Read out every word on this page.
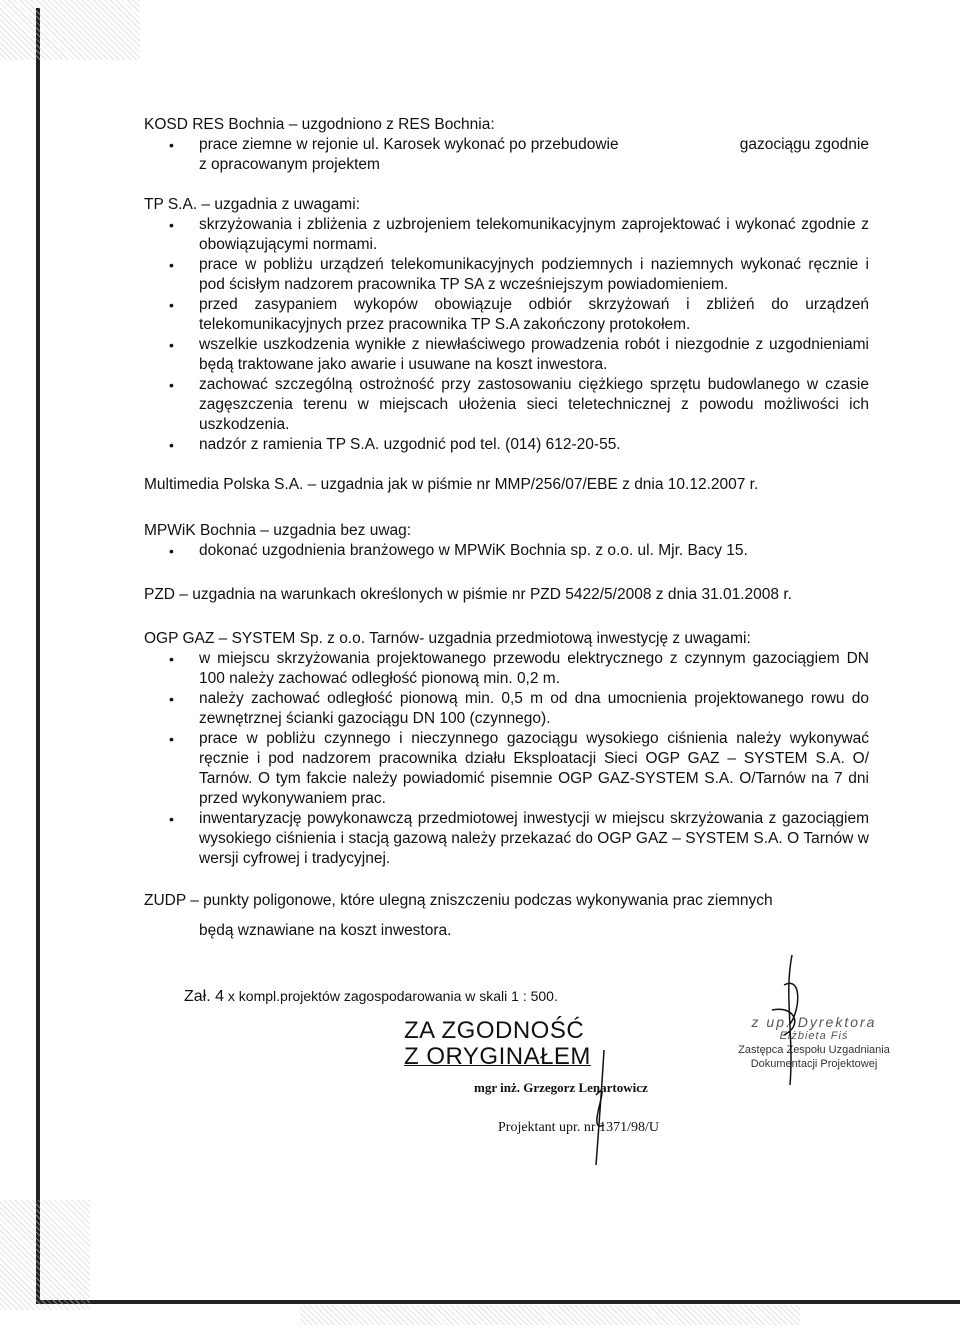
KOSD RES Bochnia – uzgodniono z RES Bochnia:

• prace ziemne w rejonie ul. Karosek wykonać po przebudowie	gazociągu zgodnie

z opracowanym projektem

TP S.A. – uzgadnia z uwagami:

• skrzyżowania i zbliżenia z uzbrojeniem telekomunikacyjnym zaprojektować i wykonać zgodnie z obowiązującymi normami.
• prace w pobliżu urządzeń telekomunikacyjnych podziemnych i naziemnych wykonać ręcznie i pod ścisłym nadzorem pracownika TP SA z wcześniejszym powiadomieniem.
• przed zasypaniem wykopów obowiązuje odbiór skrzyżowań i zbliżeń do urządzeń telekomunikacyjnych przez pracownika TP S.A zakończony protokołem.
• wszelkie uszkodzenia wynikłe z niewłaściwego prowadzenia robót i niezgodnie z uzgodnieniami będą traktowane jako awarie i usuwane na koszt inwestora.
• zachować szczególną ostrożność przy zastosowaniu ciężkiego sprzętu budowlanego w czasie zagęszczenia terenu w miejscach ułożenia sieci teletechnicznej z powodu możliwości ich uszkodzenia.
• nadzór z ramienia TP S.A. uzgodnić pod tel. (014) 612-20-55.

Multimedia Polska S.A. – uzgadnia jak w piśmie nr MMP/256/07/EBE z dnia 10.12.2007 r.

MPWiK Bochnia – uzgadnia bez uwag:

• dokonać uzgodnienia branżowego w MPWiK Bochnia sp. z o.o. ul. Mjr. Bacy 15.

PZD – uzgadnia na warunkach określonych w piśmie nr PZD 5422/5/2008 z dnia 31.01.2008 r.

OGP GAZ – SYSTEM Sp. z o.o. Tarnów- uzgadnia przedmiotową inwestycję z uwagami:

• w miejscu skrzyżowania projektowanego przewodu elektrycznego z czynnym gazociągiem DN 100 należy zachować odległość pionową min. 0,2 m.
• należy zachować odległość pionową min. 0,5 m od dna umocnienia projektowanego rowu do zewnętrznej ścianki gazociągu DN 100 (czynnego).
• prace w pobliżu czynnego i nieczynnego gazociągu wysokiego ciśnienia należy wykonywać ręcznie i pod nadzorem pracownika działu Eksploatacji Sieci OGP GAZ – SYSTEM S.A. O/ Tarnów. O tym fakcie należy powiadomić pisemnie OGP GAZ-SYSTEM S.A. O/Tarnów na 7 dni przed wykonywaniem prac.
• inwentaryzację powykonawczą przedmiotowej inwestycji w miejscu skrzyżowania z gazociągiem wysokiego ciśnienia i stacją gazową należy przekazać do OGP GAZ – SYSTEM S.A. O Tarnów w wersji cyfrowej i tradycyjnej.

ZUDP – punkty poligonowe, które ulegną zniszczeniu podczas wykonywania prac ziemnych

będą wznawiane na koszt inwestora.

Zał. 4 x kompl.projektów zagospodarowania w skali 1 : 500.
ZA ZGODNOŚĆ
Z ORYGINAŁEM
mgr inż. Grzegorz Lenartowicz
Projektant upr. nr 1371/98/U
z up. Dyrektora
Elżbieta Fiś
Zastępca Zespołu Uzgadniania
Dokumentacji Projektowej
